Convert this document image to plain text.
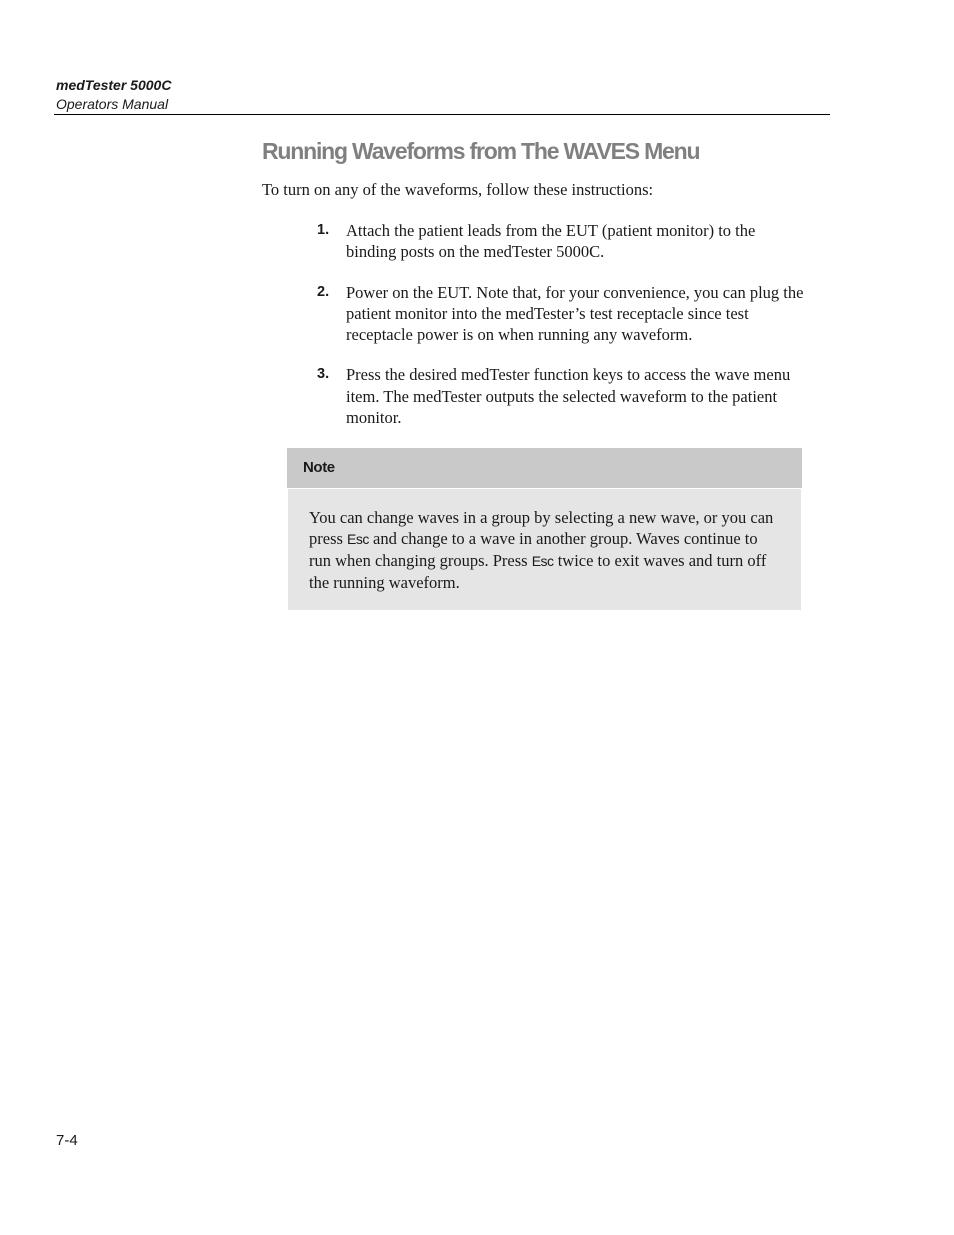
medTester 5000C
Operators Manual
Running Waveforms from The WAVES Menu

To turn on any of the waveforms, follow these instructions:

1. Attach the patient leads from the EUT (patient monitor) to the binding posts on the medTester 5000C.
2. Power on the EUT. Note that, for your convenience, you can plug the patient monitor into the medTester’s test receptacle since test receptacle power is on when running any waveform.
3. Press the desired medTester function keys to access the wave menu item. The medTester outputs the selected waveform to the patient monitor.
Note
You can change waves in a group by selecting a new wave, or you can press Esc and change to a wave in another group. Waves continue to run when changing groups. Press Esc twice to exit waves and turn off the running waveform.
7-4
